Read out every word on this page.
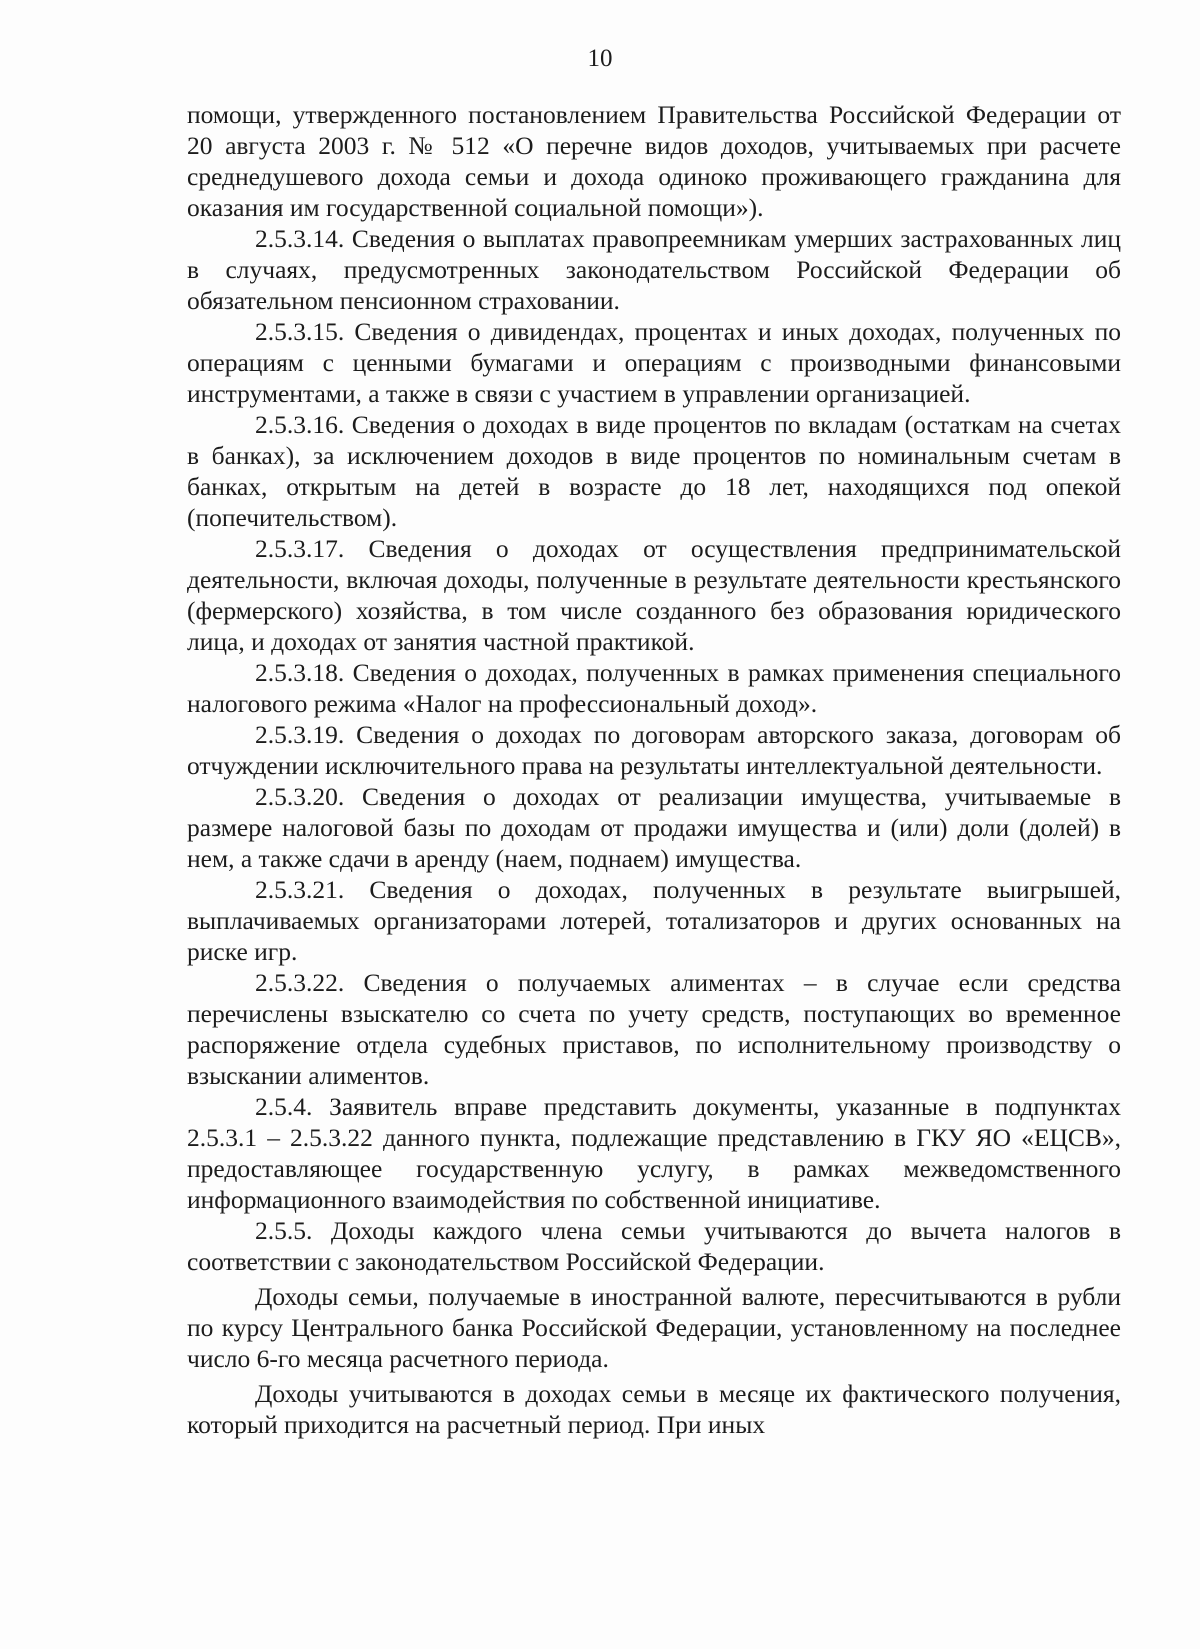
10

помощи, утвержденного постановлением Правительства Российской Федерации от 20 августа 2003 г. № 512 «О перечне видов доходов, учитываемых при расчете среднедушевого дохода семьи и дохода одиноко проживающего гражданина для оказания им государственной социальной помощи»).

2.5.3.14. Сведения о выплатах правопреемникам умерших застрахованных лиц в случаях, предусмотренных законодательством Российской Федерации об обязательном пенсионном страховании.

2.5.3.15. Сведения о дивидендах, процентах и иных доходах, полученных по операциям с ценными бумагами и операциям с производными финансовыми инструментами, а также в связи с участием в управлении организацией.

2.5.3.16. Сведения о доходах в виде процентов по вкладам (остаткам на счетах в банках), за исключением доходов в виде процентов по номинальным счетам в банках, открытым на детей в возрасте до 18 лет, находящихся под опекой (попечительством).

2.5.3.17. Сведения о доходах от осуществления предпринимательской деятельности, включая доходы, полученные в результате деятельности крестьянского (фермерского) хозяйства, в том числе созданного без образования юридического лица, и доходах от занятия частной практикой.

2.5.3.18. Сведения о доходах, полученных в рамках применения специального налогового режима «Налог на профессиональный доход».

2.5.3.19. Сведения о доходах по договорам авторского заказа, договорам об отчуждении исключительного права на результаты интеллектуальной деятельности.

2.5.3.20. Сведения о доходах от реализации имущества, учитываемые в размере налоговой базы по доходам от продажи имущества и (или) доли (долей) в нем, а также сдачи в аренду (наем, поднаем) имущества.

2.5.3.21. Сведения о доходах, полученных в результате выигрышей, выплачиваемых организаторами лотерей, тотализаторов и других основанных на риске игр.

2.5.3.22. Сведения о получаемых алиментах – в случае если средства перечислены взыскателю со счета по учету средств, поступающих во временное распоряжение отдела судебных приставов, по исполнительному производству о взыскании алиментов.

2.5.4. Заявитель вправе представить документы, указанные в подпунктах 2.5.3.1 – 2.5.3.22 данного пункта, подлежащие представлению в ГКУ ЯО «ЕЦСВ», предоставляющее государственную услугу, в рамках межведомственного информационного взаимодействия по собственной инициативе.

2.5.5. Доходы каждого члена семьи учитываются до вычета налогов в соответствии с законодательством Российской Федерации.

Доходы семьи, получаемые в иностранной валюте, пересчитываются в рубли по курсу Центрального банка Российской Федерации, установленному на последнее число 6-го месяца расчетного периода.

Доходы учитываются в доходах семьи в месяце их фактического получения, который приходится на расчетный период. При иных
